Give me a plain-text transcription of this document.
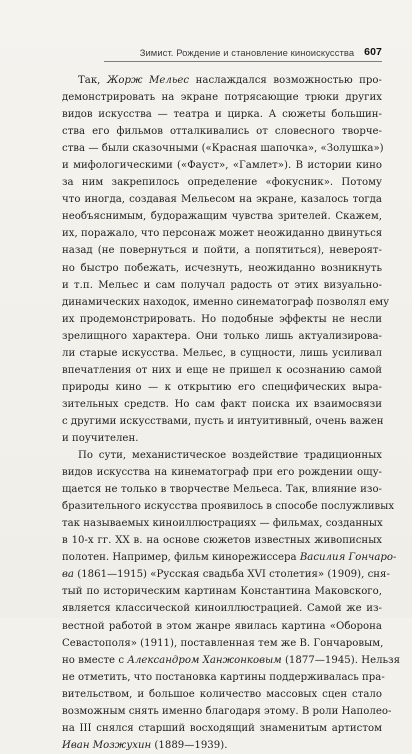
Зимист. Рождение и становление киноискусства 607
Так, Жорж Мельес наслаждался возможностью про-
демонстрировать на экране потрясающие трюки других
видов искусства — театра и цирка. А сюжеты большин-
ства его фильмов отталкивались от словесного творче-
ства — были сказочными («Красная шапочка», «Золушка»)
и мифологическими («Фауст», «Гамлет»). В истории кино
за ним закрепилось определение «фокусник». Потому
что иногда, создавая Мельесом на экране, казалось тогда
необъяснимым, будоражащим чувства зрителей. Скажем,
их, поражало, что персонаж может неожиданно двинуться
назад (не повернуться и пойти, а попятиться), невероят-
но быстро побежать, исчезнуть, неожиданно возникнуть
и т.п. Мельес и сам получал радость от этих визуально-
динамических находок, именно синематограф позволял ему
их продемонстрировать. Но подобные эффекты не несли
зрелищного характера. Они только лишь актуализирова-
ли старые искусства. Мельес, в сущности, лишь усиливал
впечатления от них и еще не пришел к осознанию самой
природы кино — к открытию его специфических выра-
зительных средств. Но сам факт поиска их взаимосвязи
с другими искусствами, пусть и интуитивный, очень важен
и поучителен.
По сути, механистическое воздействие традиционных
видов искусства на кинематограф при его рождении ощу-
щается не только в творчестве Мельеса. Так, влияние изо-
бразительного искусства проявилось в способе послужливых
так называемых киноиллюстрациях — фильмах, созданных
в 10-х гг. XX в. на основе сюжетов известных живописных
полотен. Например, фильм кинорежиссера Василия Гончаро-
ва (1861—1915) «Русская свадьба XVI столетия» (1909), сня-
тый по историческим картинам Константина Маковского,
является классической киноиллюстрацией. Самой же из-
вестной работой в этом жанре явилась картина «Оборона
Севастополя» (1911), поставленная тем же В. Гончаровым,
но вместе с Александром Ханжонковым (1877—1945). Нельзя
не отметить, что постановка картины поддерживалась пра-
вительством, и большое количество массовых сцен стало
возможным снять именно благодаря этому. В роли Наполео-
на III снялся старший восходящий знаменитым артистом
Иван Мозжухин (1889—1939).
